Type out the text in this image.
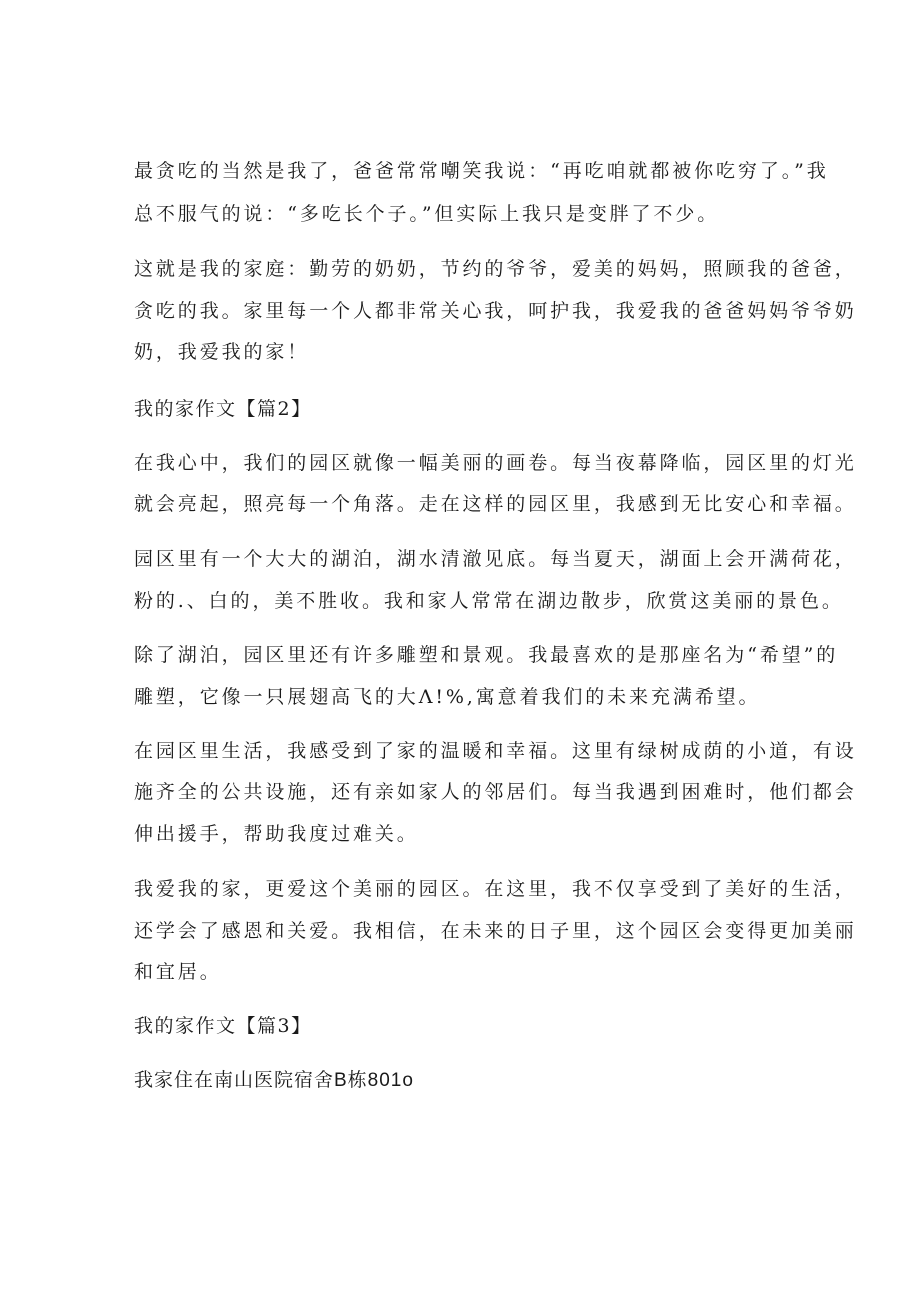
最贪吃的当然是我了，爸爸常常嘲笑我说：“再吃咱就都被你吃穷了。”我
总不服气的说：“多吃长个子。”但实际上我只是变胖了不少。
这就是我的家庭：勤劳的奶奶，节约的爷爷，爱美的妈妈，照顾我的爸爸，
贪吃的我。家里每一个人都非常关心我，呵护我，我爱我的爸爸妈妈爷爷奶
奶，我爱我的家！
我的家作文【篇2】
在我心中，我们的园区就像一幅美丽的画卷。每当夜幕降临，园区里的灯光
就会亮起，照亮每一个角落。走在这样的园区里，我感到无比安心和幸福。
园区里有一个大大的湖泊，湖水清澈见底。每当夏天，湖面上会开满荷花，
粉的.、白的，美不胜收。我和家人常常在湖边散步，欣赏这美丽的景色。
除了湖泊，园区里还有许多雕塑和景观。我最喜欢的是那座名为“希望”的
雕塑，它像一只展翅高飞的大Λ!%,寓意着我们的未来充满希望。
在园区里生活，我感受到了家的温暖和幸福。这里有绿树成荫的小道，有设
施齐全的公共设施，还有亲如家人的邻居们。每当我遇到困难时，他们都会
伸出援手，帮助我度过难关。
我爱我的家，更爱这个美丽的园区。在这里，我不仅享受到了美好的生活，
还学会了感恩和关爱。我相信，在未来的日子里，这个园区会变得更加美丽
和宜居。
我的家作文【篇3】
我家住在南山医院宿舍B栋801o
